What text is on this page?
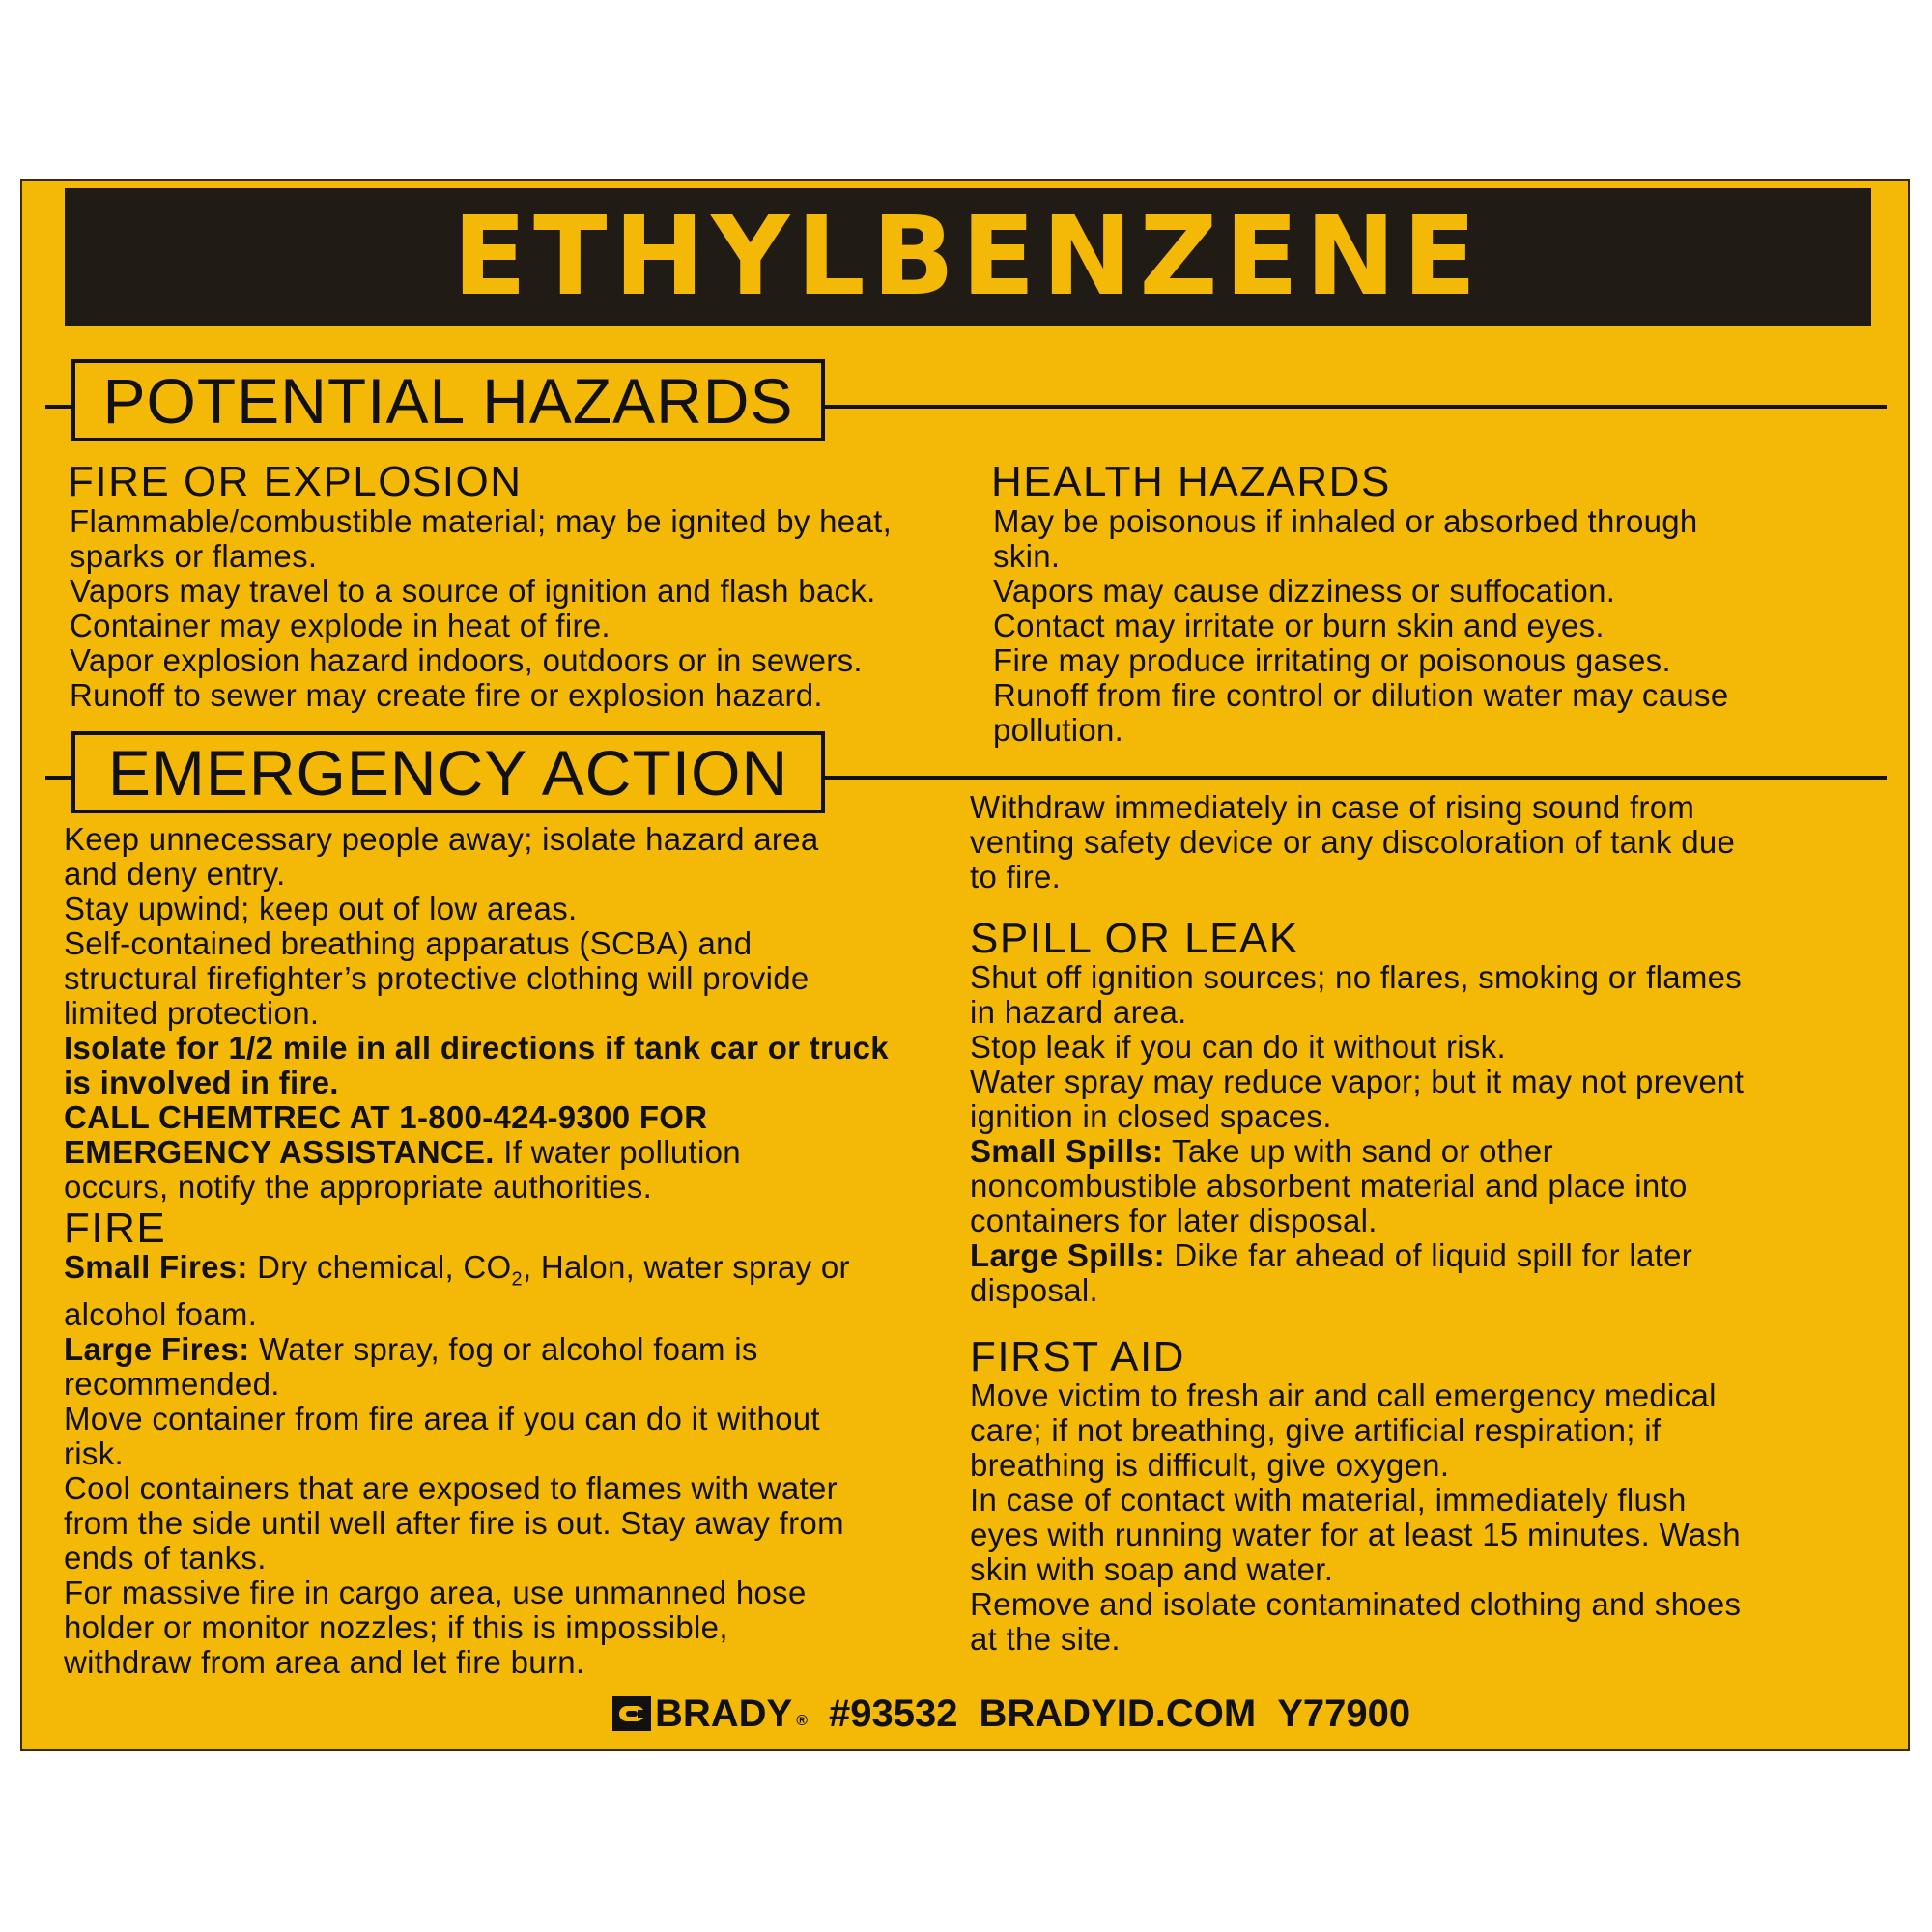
ETHYLBENZENE
POTENTIAL HAZARDS
FIRE OR EXPLOSION

Flammable/combustible material; may be ignited by heat,

sparks or flames.

Vapors may travel to a source of ignition and flash back.

Container may explode in heat of fire.

Vapor explosion hazard indoors, outdoors or in sewers.

Runoff to sewer may create fire or explosion hazard.

HEALTH HAZARDS

May be poisonous if inhaled or absorbed through

skin.

Vapors may cause dizziness or suffocation.

Contact may irritate or burn skin and eyes.

Fire may produce irritating or poisonous gases.

Runoff from fire control or dilution water may cause

pollution.

EMERGENCY ACTION

Keep unnecessary people away; isolate hazard area

and deny entry.

Stay upwind; keep out of low areas.

Self-contained breathing apparatus (SCBA) and

structural firefighter’s protective clothing will provide

limited protection.

Isolate for 1/2 mile in all directions if tank car or truck

is involved in fire.

CALL CHEMTREC AT 1-800-424-9300 FOR

EMERGENCY ASSISTANCE. If water pollution

occurs, notify the appropriate authorities.

FIRE

Small Fires: Dry chemical, $CO_2$, Halon, water spray or

alcohol foam.

Large Fires: Water spray, fog or alcohol foam is

recommended.

Move container from fire area if you can do it without

risk.

Cool containers that are exposed to flames with water

from the side until well after fire is out. Stay away from

ends of tanks.

For massive fire in cargo area, use unmanned hose

holder or monitor nozzles; if this is impossible,

withdraw from area and let fire burn.

Withdraw immediately in case of rising sound from

venting safety device or any discoloration of tank due

to fire.

SPILL OR LEAK

Shut off ignition sources; no flares, smoking or flames

in hazard area.

Stop leak if you can do it without risk.

Water spray may reduce vapor; but it may not prevent

ignition in closed spaces.

Small Spills: Take up with sand or other

noncombustible absorbent material and place into

containers for later disposal.

Large Spills: Dike far ahead of liquid spill for later

disposal.

FIRST AID

Move victim to fresh air and call emergency medical

care; if not breathing, give artificial respiration; if

breathing is difficult, give oxygen.

In case of contact with material, immediately flush

eyes with running water for at least 15 minutes. Wash

skin with soap and water.

Remove and isolate contaminated clothing and shoes

at the site.

BRADY ® #93532 BRADYID.COM Y77900
